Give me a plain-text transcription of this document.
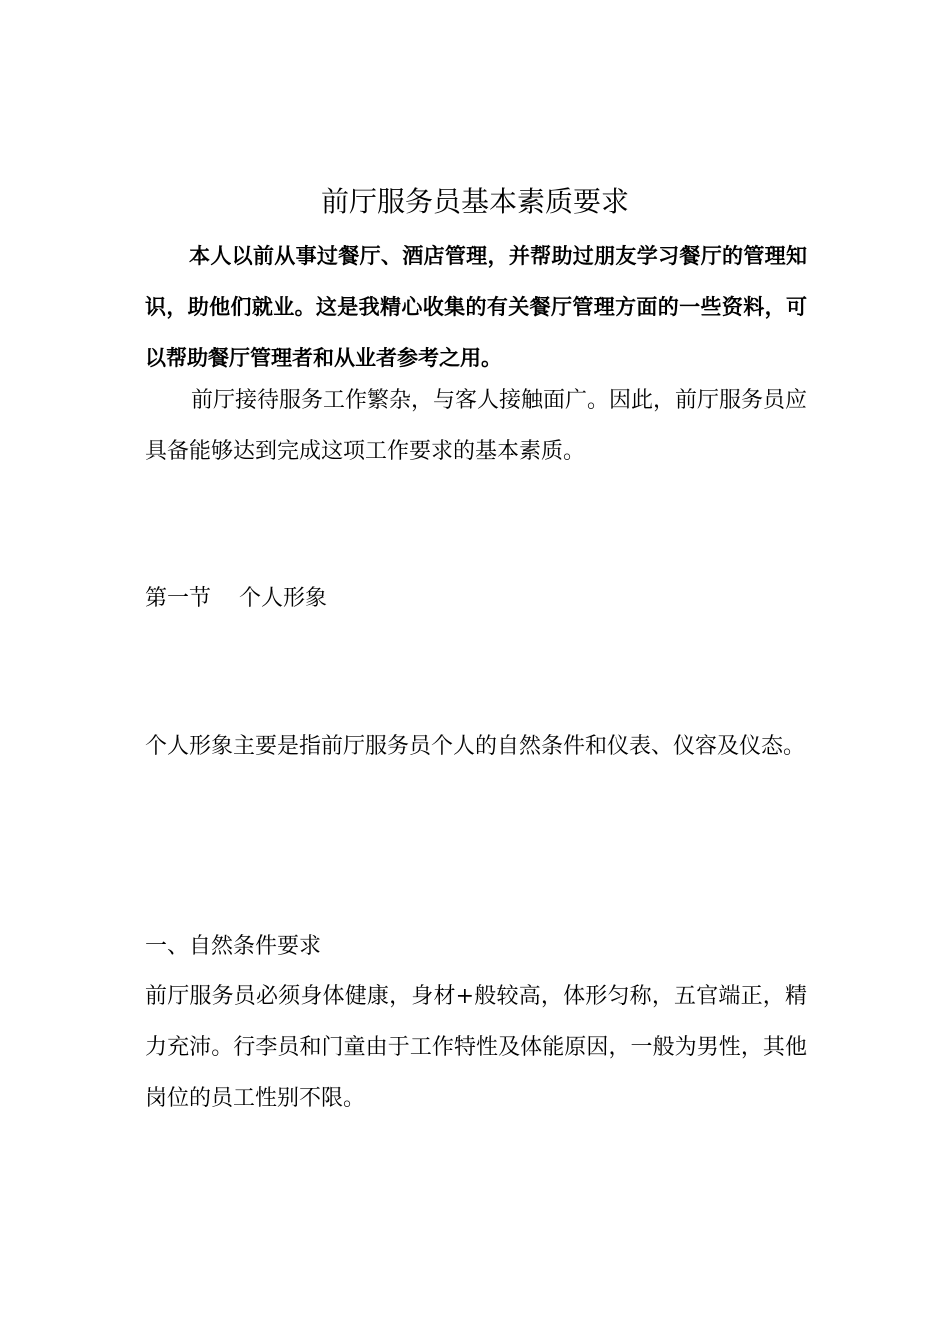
前厅服务员基本素质要求

本人以前从事过餐厅、酒店管理，并帮助过朋友学习餐厅的管理知识，助他们就业。这是我精心收集的有关餐厅管理方面的一些资料，可以帮助餐厅管理者和从业者参考之用。

前厅接待服务工作繁杂，与客人接触面广。因此，前厅服务员应具备能够达到完成这项工作要求的基本素质。

第一节 个人形象

个人形象主要是指前厅服务员个人的自然条件和仪表、仪容及仪态。

一、自然条件要求

前厅服务员必须身体健康，身材+般较高，体形匀称，五官端正，精力充沛。行李员和门童由于工作特性及体能原因，一般为男性，其他岗位的员工性别不限。
